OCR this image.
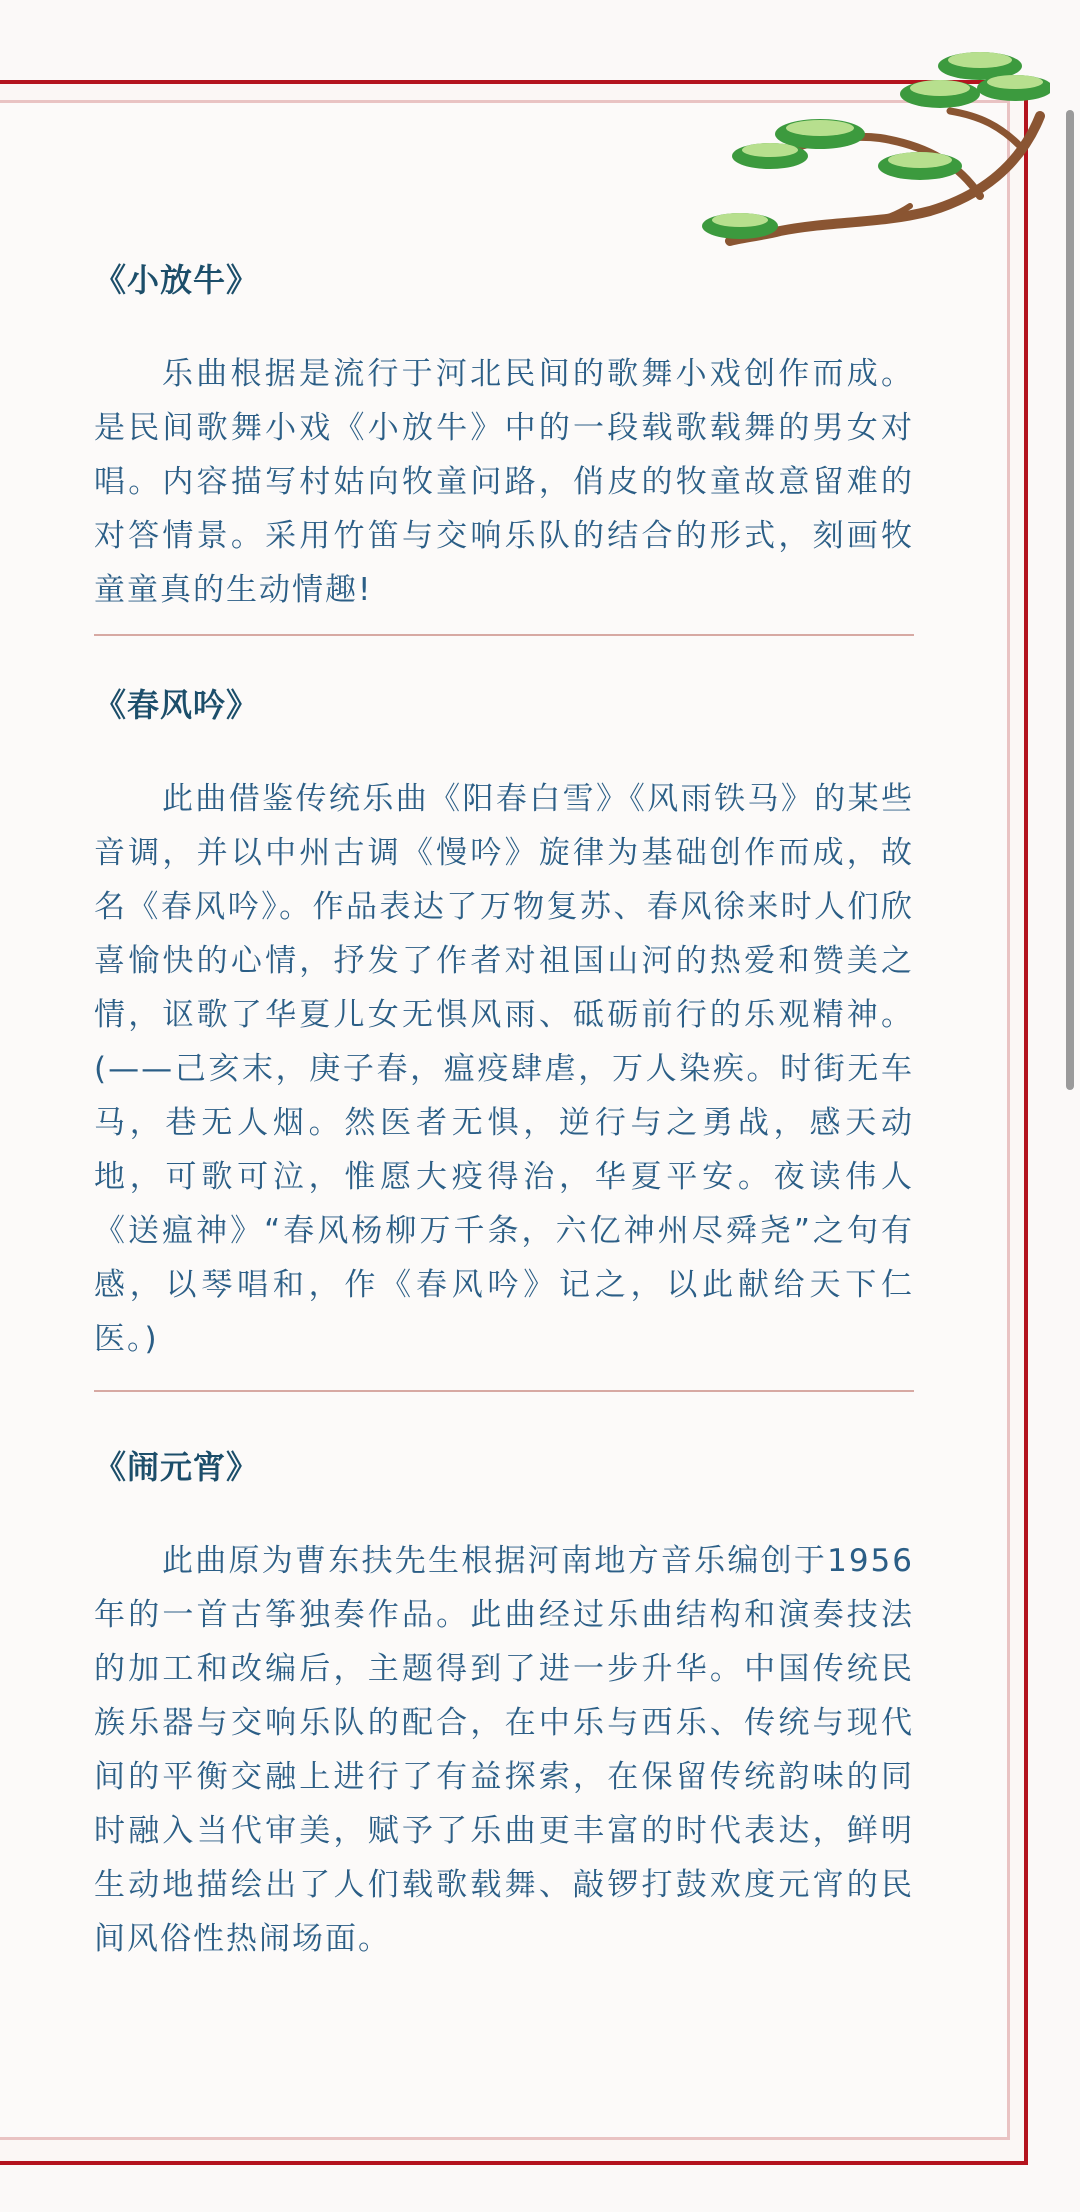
《小放牛》

乐曲根据是流行于河北民间的歌舞小戏创作而成。是民间歌舞小戏《小放牛》中的一段载歌载舞的男女对唱。内容描写村姑向牧童问路，俏皮的牧童故意留难的对答情景。采用竹笛与交响乐队的结合的形式，刻画牧童童真的生动情趣!

《春风吟》

此曲借鉴传统乐曲《阳春白雪》《风雨铁马》的某些音调，并以中州古调《慢吟》旋律为基础创作而成，故名《春风吟》。作品表达了万物复苏、春风徐来时人们欣喜愉快的心情，抒发了作者对祖国山河的热爱和赞美之情，讴歌了华夏儿女无惧风雨、砥砺前行的乐观精神。(——己亥末，庚子春，瘟疫肆虐，万人染疾。时街无车马，巷无人烟。然医者无惧，逆行与之勇战，感天动地，可歌可泣，惟愿大疫得治，华夏平安。夜读伟人《送瘟神》“春风杨柳万千条，六亿神州尽舜尧”之句有感，以琴唱和，作《春风吟》记之，以此献给天下仁医。)

《闹元宵》

此曲原为曹东扶先生根据河南地方音乐编创于1956 年的一首古筝独奏作品。此曲经过乐曲结构和演奏技法的加工和改编后，主题得到了进一步升华。中国传统民族乐器与交响乐队的配合，在中乐与西乐、传统与现代间的平衡交融上进行了有益探索，在保留传统韵味的同时融入当代审美，赋予了乐曲更丰富的时代表达，鲜明生动地描绘出了人们载歌载舞、敲锣打鼓欢度元宵的民间风俗性热闹场面。
